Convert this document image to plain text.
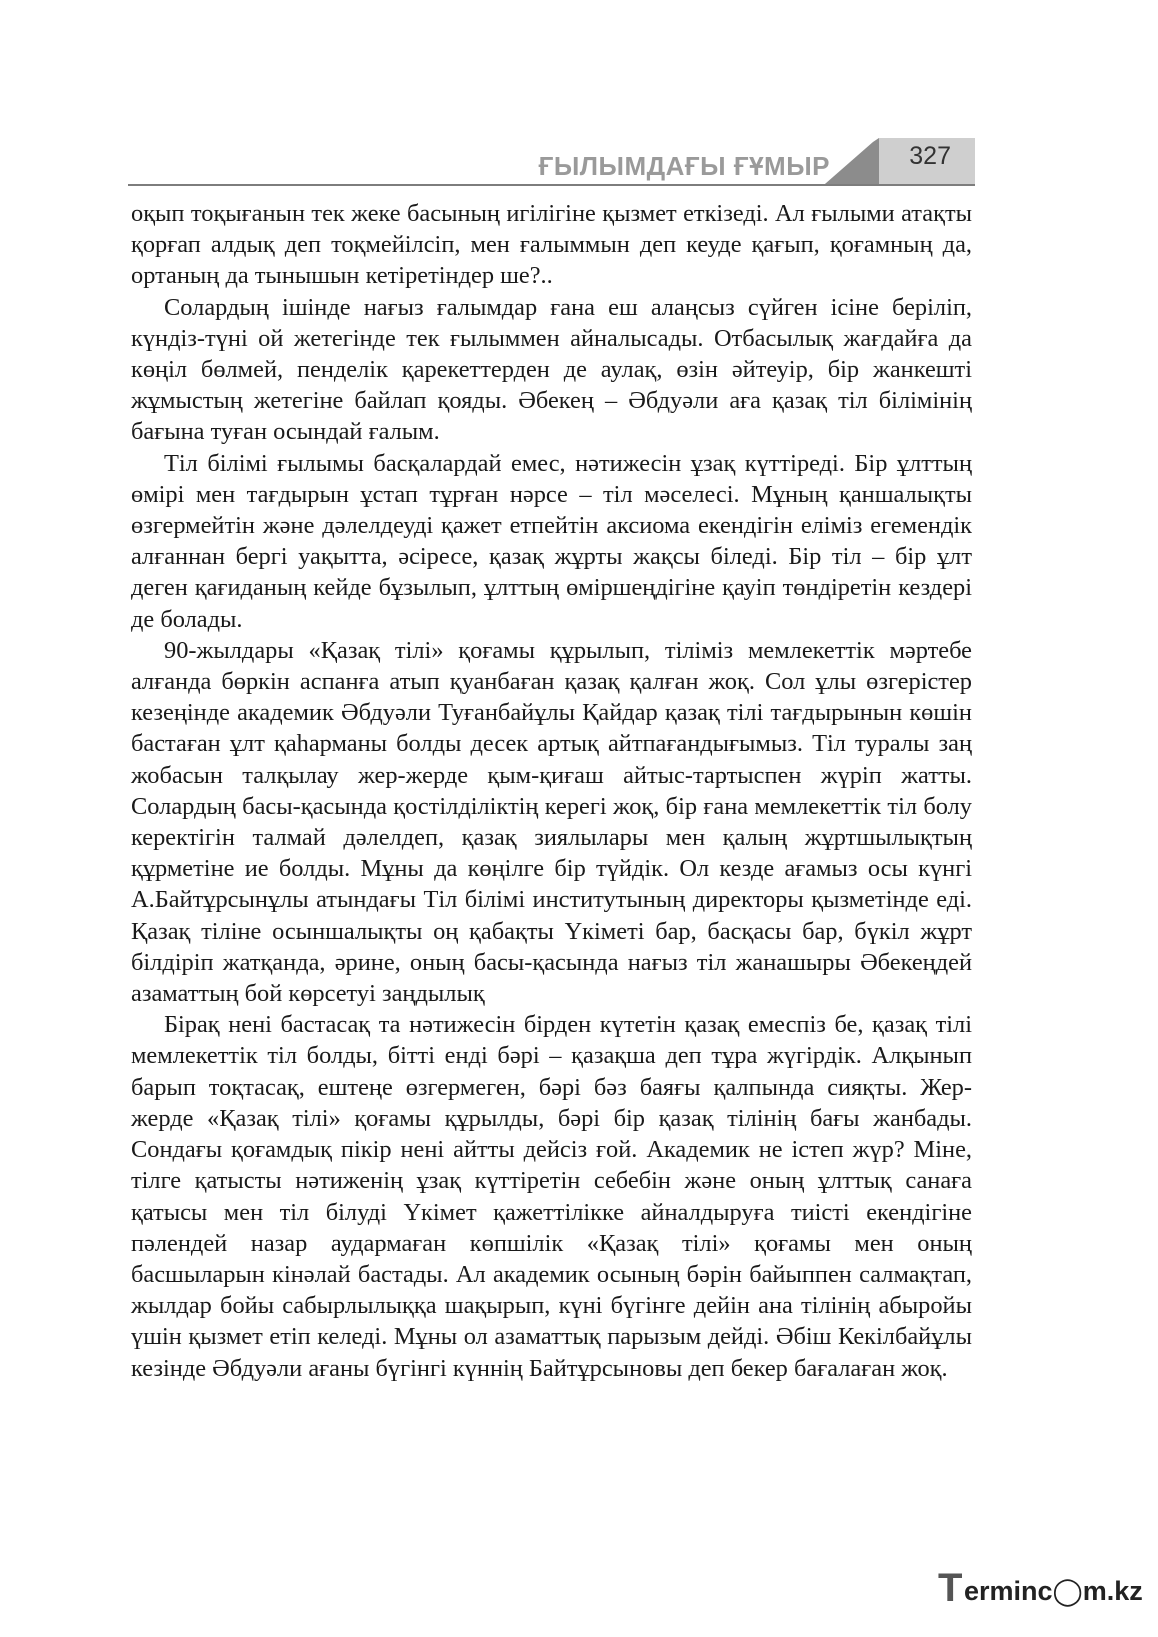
ҒЫЛЫМДАҒЫ ҒҰМЫР	327

оқып тоқығанын тек жеке басының игілігіне қызмет еткізеді. Ал ғылыми атақты қорғап алдық деп тоқмейілсіп, мен ғалыммын деп кеуде қағып, қоғамның да, ортаның да тынышын кетіретіндер ше?..

Солардың ішінде нағыз ғалымдар ғана еш алаңсыз сүйген ісіне беріліп, күндіз-түні ой жетегінде тек ғылыммен айналысады. Отбасылық жағдайға да көңіл бөлмей, пенделік қарекеттерден де аулақ, өзін әйтеуір, бір жанкешті жұмыстың жетегіне байлап қояды. Әбекең – Әбдуәли аға қазақ тіл білімінің бағына туған осындай ғалым.

Тіл білімі ғылымы басқалардай емес, нәтижесін ұзақ күттіреді. Бір ұлттың өмірі мен тағдырын ұстап тұрған нәрсе – тіл мәселесі. Мұның қаншалықты өзгермейтін және дәлелдеуді қажет етпейтін аксиома екендігін еліміз егемендік алғаннан бергі уақытта, әсіресе, қазақ жұрты жақсы біледі. Бір тіл – бір ұлт деген қағиданың кейде бұзылып, ұлттың өміршеңдігіне қауіп төндіретін кездері де болады.

90-жылдары «Қазақ тілі» қоғамы құрылып, тіліміз мемлекеттік мәртебе алғанда бөркін аспанға атып қуанбаған қазақ қалған жоқ. Сол ұлы өзгерістер кезеңінде академик Әбдуәли Туғанбайұлы Қайдар қазақ тілі тағдырынын көшін бастаған ұлт қаһарманы болды десек артық айтпағандығымыз. Тіл туралы заң жобасын талқылау жер-жерде қым-қиғаш айтыс-тартыспен жүріп жатты. Солардың басы-қасында қостілділіктің керегі жоқ, бір ғана мемлекеттік тіл болу керектігін талмай дәлелдеп, қазақ зиялылары мен қалың жұртшылықтың құрметіне ие болды. Мұны да көңілге бір түйдік. Ол кезде ағамыз осы күнгі А.Байтұрсынұлы атындағы Тіл білімі институтының директоры қызметінде еді. Қазақ тіліне осыншалықты оң қабақты Үкіметі бар, басқасы бар, бүкіл жұрт білдіріп жатқанда, әрине, оның басы-қасында нағыз тіл жанашыры Әбекеңдей азаматтың бой көрсетуі заңдылық

Бірақ нені бастасақ та нәтижесін бірден күтетін қазақ емеспіз бе, қазақ тілі мемлекеттік тіл болды, бітті енді бәрі – қазақша деп тұра жүгірдік. Алқынып барып тоқтасақ, ештеңе өзгермеген, бәрі бәз баяғы қалпында сияқты. Жер-жерде «Қазақ тілі» қоғамы құрылды, бәрі бір қазақ тілінің бағы жанбады. Сондағы қоғамдық пікір нені айтты дейсіз ғой. Академик не істеп жүр? Міне, тілге қатысты нәтиженің ұзақ күттіретін себебін және оның ұлттық санаға қатысы мен тіл білуді Үкімет қажеттілікке айналдыруға тиісті екендігіне пәлендей назар аудармаған көпшілік «Қазақ тілі» қоғамы мен оның басшыларын кінәлай бастады. Ал академик осының бәрін байыппен салмақтап, жылдар бойы сабырлылыққа шақырып, күні бүгінге дейін ана тілінің абыройы үшін қызмет етіп келеді. Мұны ол азаматтық парызым дейді. Әбіш Кекілбайұлы кезінде Әбдуәли ағаны бүгінгі күннің Байтұрсыновы деп бекер бағалаған жоқ.

T erminc◯m.kz
